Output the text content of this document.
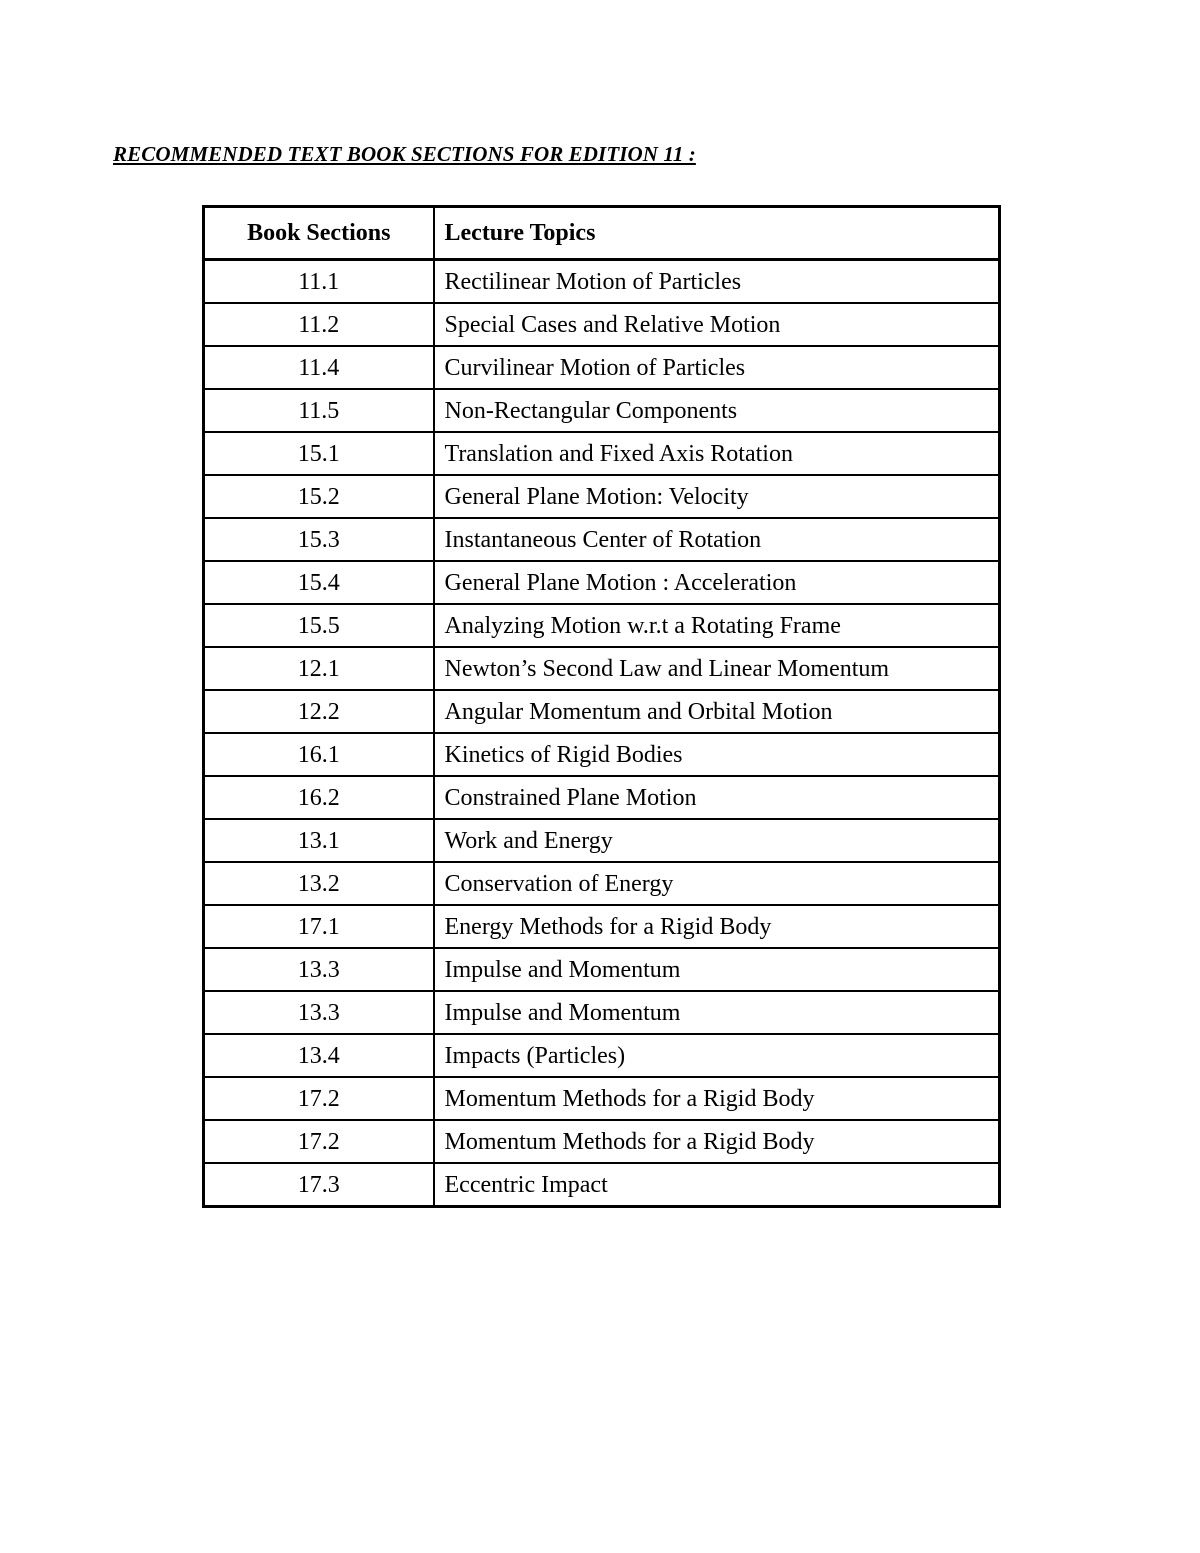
RECOMMENDED TEXT BOOK SECTIONS FOR EDITION 11 :
Book Sections	Lecture Topics
11.1	Rectilinear Motion of Particles
11.2	Special Cases and Relative Motion
11.4	Curvilinear Motion of Particles
11.5	Non-Rectangular Components
15.1	Translation and Fixed Axis Rotation
15.2	General Plane Motion: Velocity
15.3	Instantaneous Center of Rotation
15.4	General Plane Motion : Acceleration
15.5	Analyzing Motion w.r.t a Rotating Frame
12.1	Newton’s Second Law and Linear Momentum
12.2	Angular Momentum and Orbital Motion
16.1	Kinetics of Rigid Bodies
16.2	Constrained Plane Motion
13.1	Work and Energy
13.2	Conservation of Energy
17.1	Energy Methods for a Rigid Body
13.3	Impulse and Momentum
13.3	Impulse and Momentum
13.4	Impacts (Particles)
17.2	Momentum Methods for a Rigid Body
17.2	Momentum Methods for a Rigid Body
17.3	Eccentric Impact
